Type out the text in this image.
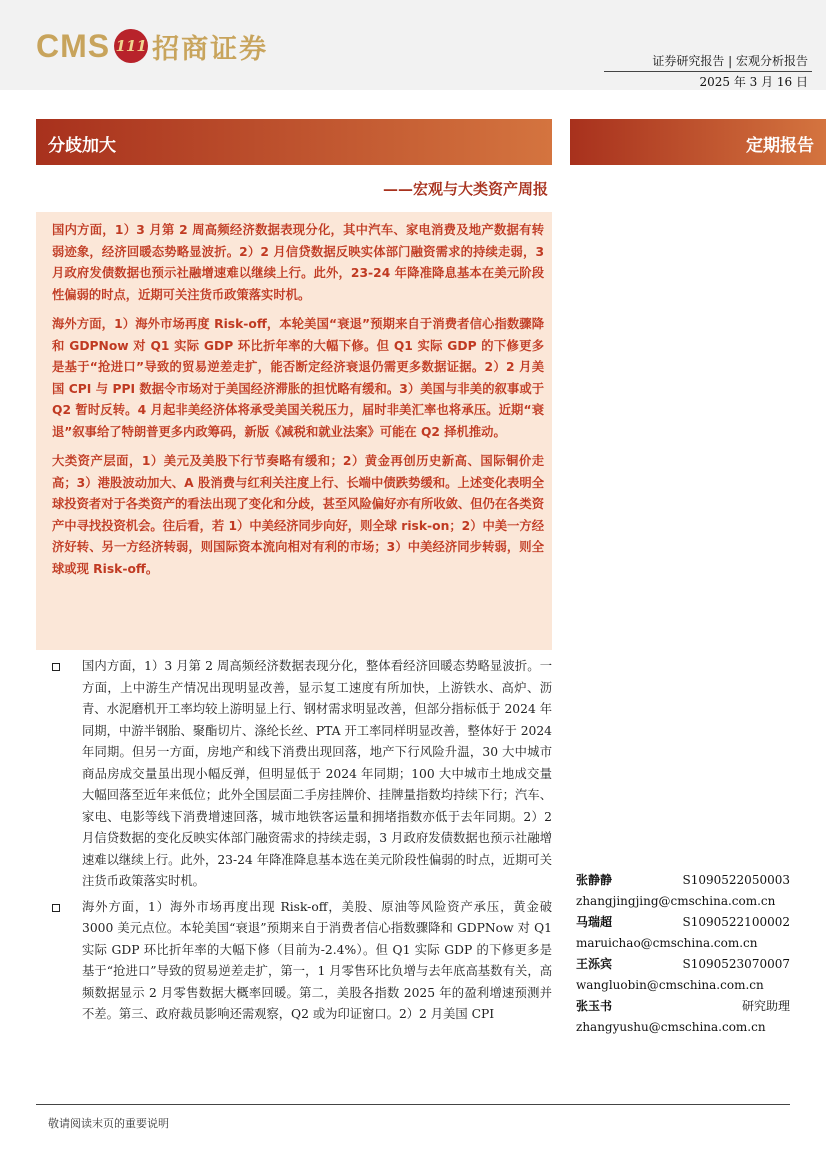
CMS 111 招商证券	证券研究报告 | 宏观分析报告
2025 年 3 月 16 日
分歧加大	定期报告
——宏观与大类资产周报

国内方面，1）3 月第 2 周高频经济数据表现分化，其中汽车、家电消费及地产数据有转弱迹象，经济回暖态势略显波折。2）2 月信贷数据反映实体部门融资需求的持续走弱，3 月政府发债数据也预示社融增速难以继续上行。此外，23-24 年降准降息基本在美元阶段性偏弱的时点，近期可关注货币政策落实时机。

海外方面，1）海外市场再度 Risk-off，本轮美国“衰退”预期来自于消费者信心指数骤降和 GDPNow 对 Q1 实际 GDP 环比折年率的大幅下修。但 Q1 实际 GDP 的下修更多是基于“抢进口”导致的贸易逆差走扩，能否断定经济衰退仍需更多数据证据。2）2 月美国 CPI 与 PPI 数据令市场对于美国经济滞胀的担忧略有缓和。3）美国与非美的叙事或于 Q2 暂时反转。4 月起非美经济体将承受美国关税压力，届时非美汇率也将承压。近期“衰退”叙事给了特朗普更多内政筹码，新版《减税和就业法案》可能在 Q2 择机推动。

大类资产层面，1）美元及美股下行节奏略有缓和；2）黄金再创历史新高、国际铜价走高；3）港股波动加大、A 股消费与红利关注度上行、长端中债跌势缓和。上述变化表明全球投资者对于各类资产的看法出现了变化和分歧，甚至风险偏好亦有所收敛、但仍在各类资产中寻找投资机会。往后看，若 1）中美经济同步向好，则全球 risk-on；2）中美一方经济好转、另一方经济转弱，则国际资本流向相对有利的市场；3）中美经济同步转弱，则全球或现 Risk-off。

国内方面，1）3 月第 2 周高频经济数据表现分化，整体看经济回暖态势略显波折。一方面，上中游生产情况出现明显改善，显示复工速度有所加快，上游铁水、高炉、沥青、水泥磨机开工率均较上游明显上行、钢材需求明显改善，但部分指标低于 2024 年同期，中游半钢胎、聚酯切片、涤纶长丝、PTA 开工率同样明显改善，整体好于 2024 年同期。但另一方面，房地产和线下消费出现回落，地产下行风险升温，30 大中城市商品房成交量虽出现小幅反弹，但明显低于 2024 年同期；100 大中城市土地成交量大幅回落至近年来低位；此外全国层面二手房挂牌价、挂牌量指数均持续下行；汽车、家电、电影等线下消费增速回落，城市地铁客运量和拥堵指数亦低于去年同期。2）2 月信贷数据的变化反映实体部门融资需求的持续走弱，3 月政府发债数据也预示社融增速难以继续上行。此外，23-24 年降准降息基本选在美元阶段性偏弱的时点，近期可关注货币政策落实时机。

海外方面，1）海外市场再度出现 Risk-off，美股、原油等风险资产承压，黄金破 3000 美元点位。本轮美国“衰退”预期来自于消费者信心指数骤降和 GDPNow 对 Q1 实际 GDP 环比折年率的大幅下修（目前为-2.4%）。但 Q1 实际 GDP 的下修更多是基于“抢进口”导致的贸易逆差走扩，第一，1 月零售环比负增与去年底高基数有关，高频数据显示 2 月零售数据大概率回暖。第二，美股各指数 2025 年的盈利增速预测并不差。第三、政府裁员影响还需观察，Q2 或为印证窗口。2）2 月美国 CPI

张静静	S1090522050003
zhangjingjing@cmschina.com.cn
马瑞超	S1090522100002
maruichao@cmschina.com.cn
王泺宾	S1090523070007
wangluobin@cmschina.com.cn
张玉书	研究助理
zhangyushu@cmschina.com.cn
敬请阅读末页的重要说明
